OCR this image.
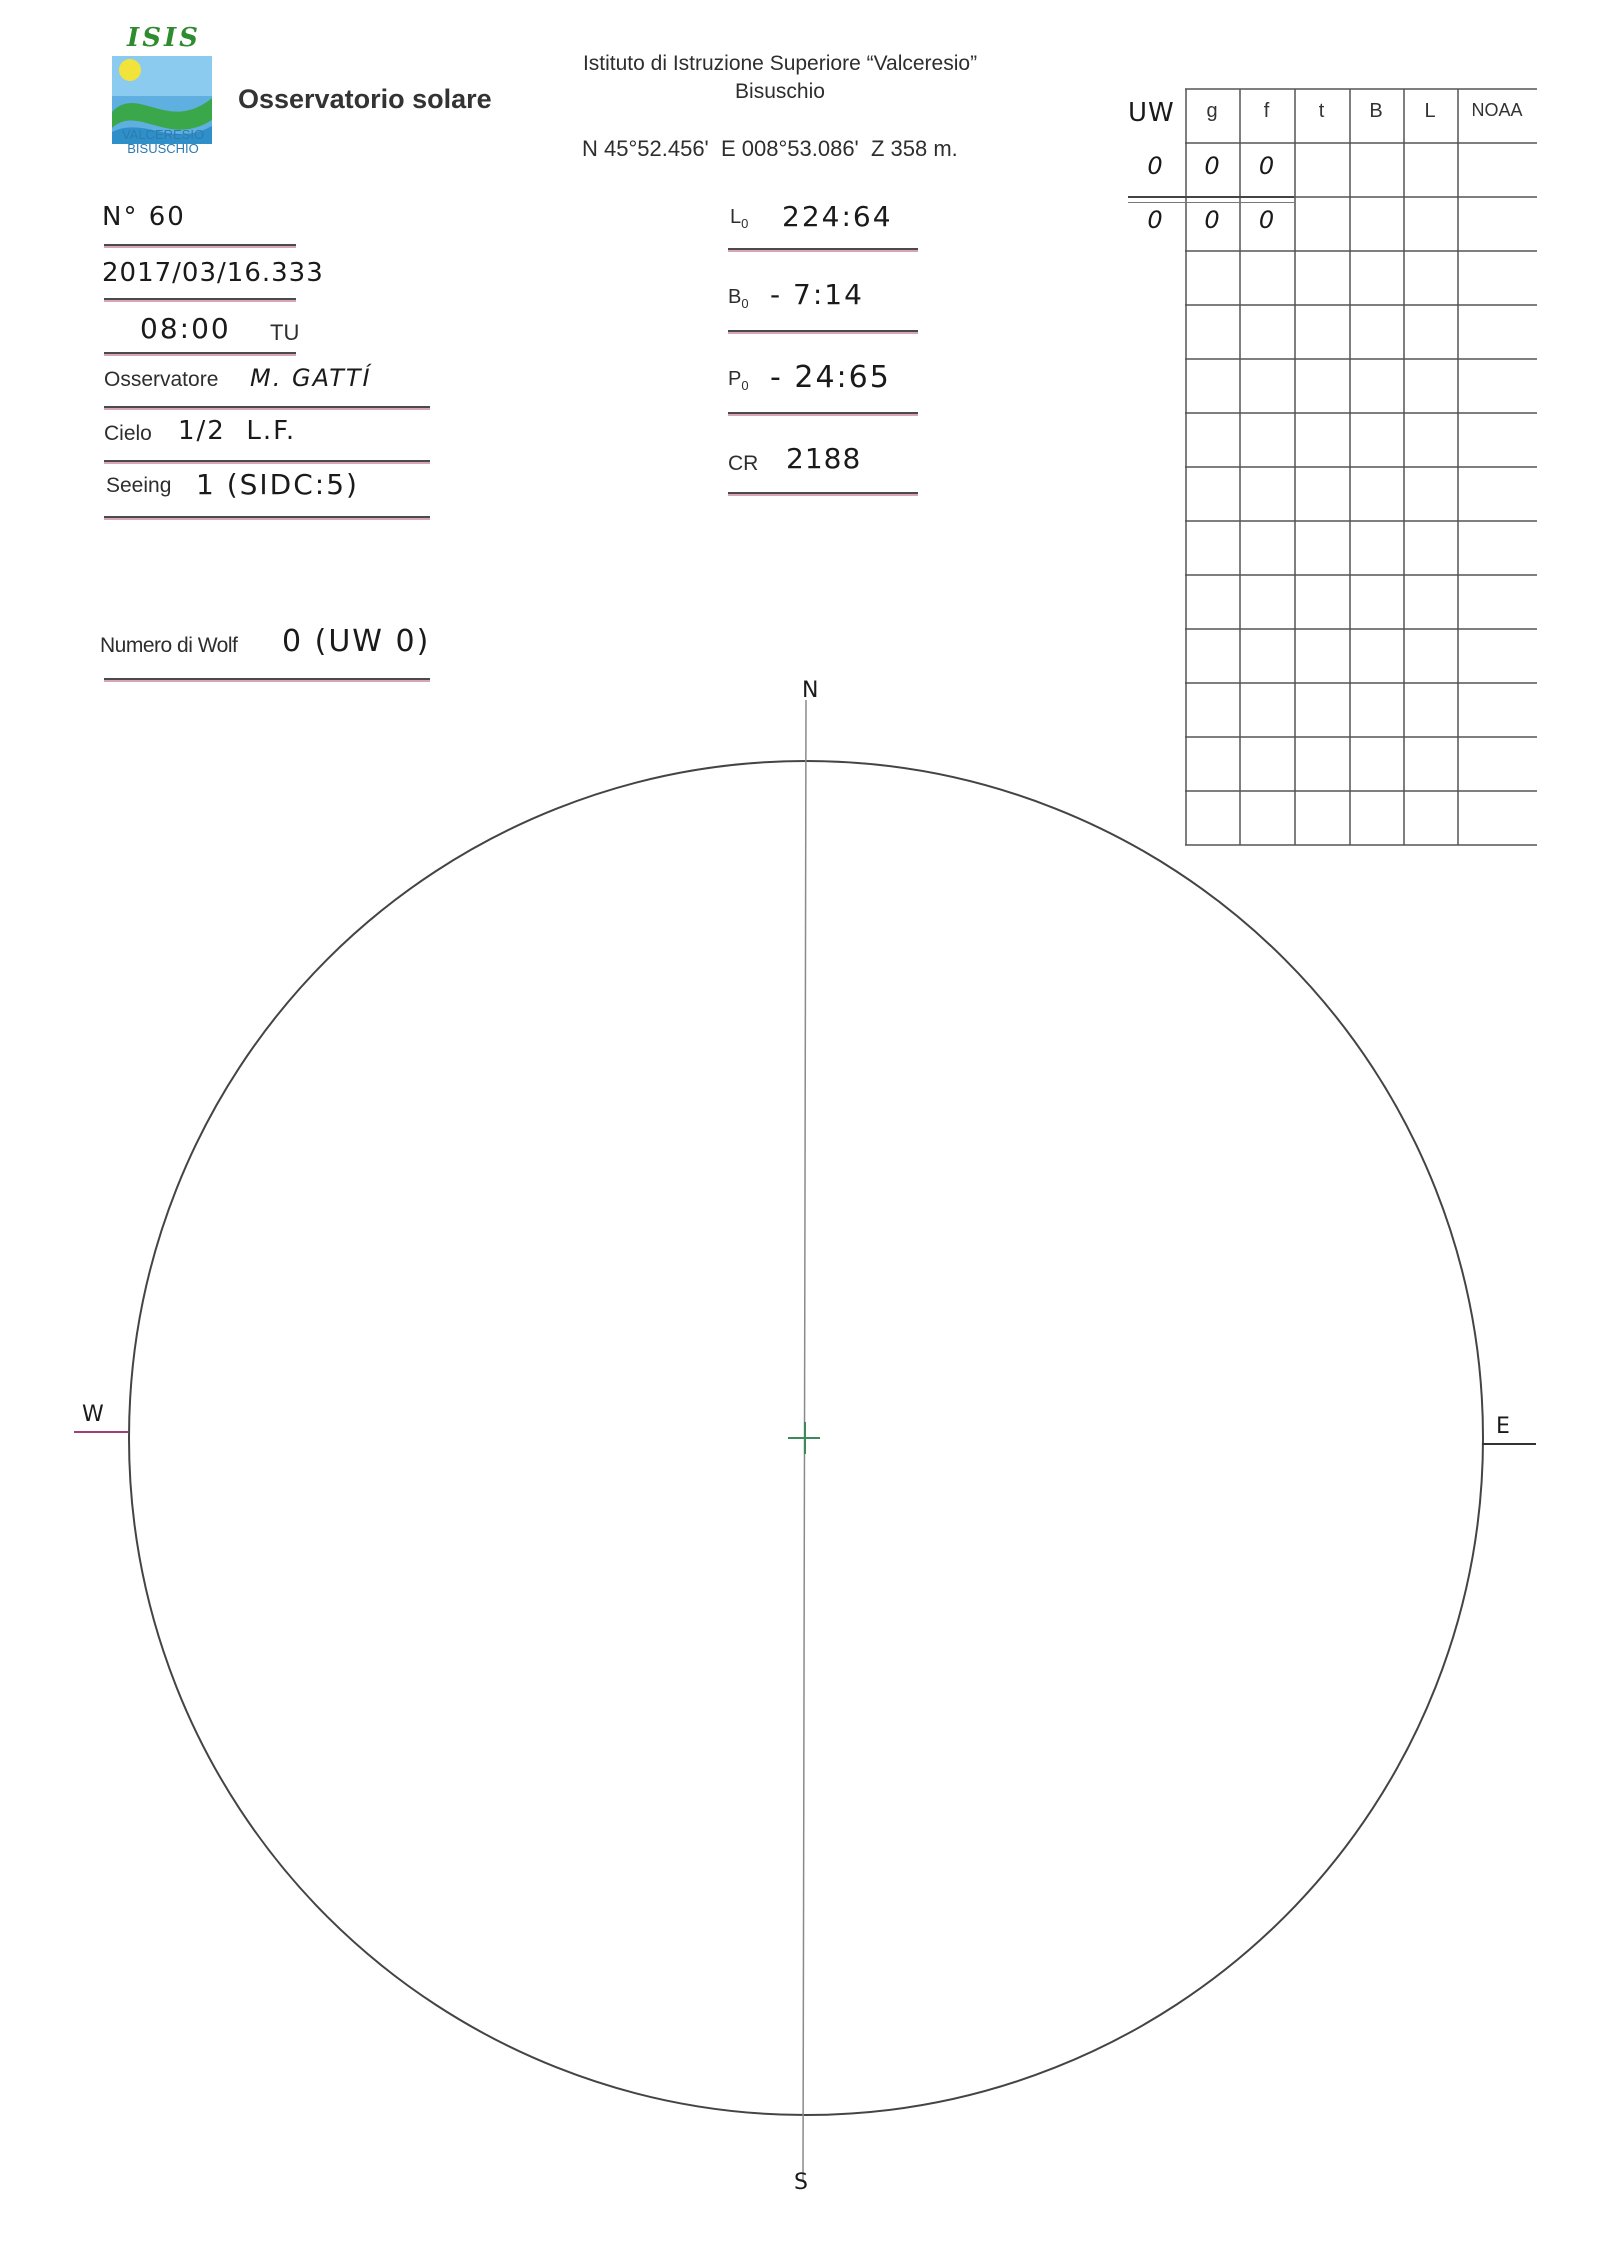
ISIS
VALCERESIO
BISUSCHIO
Osservatorio solare
Istituto di Istruzione Superiore “Valceresio”
Bisuschio
N 45°52.456'  E 008°53.086'  Z 358 m.
N° 60
2017/03/16.333
08:00 TU
Osservatore M. GATTÍ
Cielo 1/2  L.F.
Seeing 1 (SIDC:5)
Numero di Wolf 0 (UW 0)
$L_0$ 224:64
$B_0$ - 7:14
$P_0$ - 24:65
CR 2188
UW	g	f	t	B	L	NOAA
0	0	0
0	0	0
N
S
W	E
